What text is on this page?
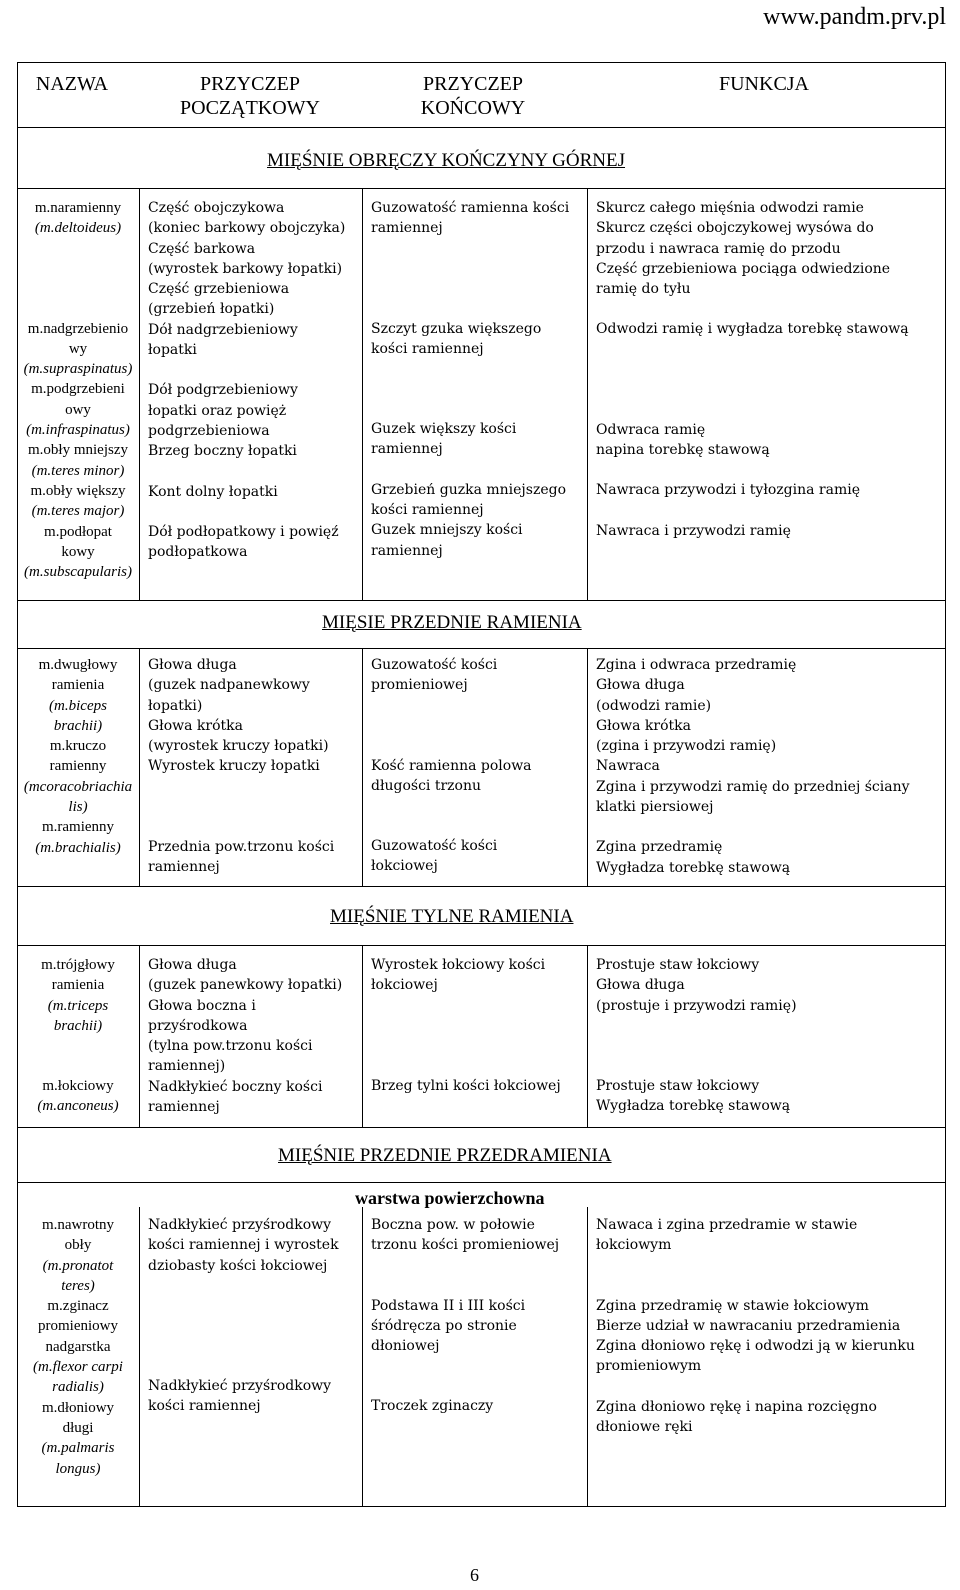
www.pandm.prv.pl
NAZWA	PRZYCZEP
POCZĄTKOWY
PRZYCZEP
KOŃCOWY
FUNKCJA
MIĘŚNIE OBRĘCZY KOŃCZYNY GÓRNEJ
m.naramienny
(m.deltoideus)
m.nadgrzebienio
wy
(m.supraspinatus)
m.podgrzebieni
owy
(m.infraspinatus)
m.obły mniejszy
(m.teres minor)
m.obły większy
(m.teres major)
m.podłopat
kowy
(m.subscapularis)
Część obojczykowa
(koniec barkowy obojczyka)
Część barkowa
(wyrostek barkowy łopatki)
Część grzebieniowa
(grzebień łopatki)
Dół nadgrzebieniowy
łopatki
Dół podgrzebieniowy
łopatki oraz powięż
podgrzebieniowa
Brzeg boczny łopatki
Kont dolny łopatki
Dół podłopatkowy i powięź
podłopatkowa
Guzowatość ramienna kości
ramiennej
Szczyt gzuka większego
kości ramiennej
Guzek większy kości
ramiennej
Grzebień guzka mniejszego
kości ramiennej
Guzek mniejszy kości
ramiennej
Skurcz całego mięśnia odwodzi ramie
Skurcz części obojczykowej wysówa do
przodu i nawraca ramię do przodu
Część grzebieniowa pociąga odwiedzione
ramię do tyłu
Odwodzi ramię i wygładza torebkę stawową
Odwraca ramię
napina torebkę stawową
Nawraca przywodzi i tyłozgina ramię
Nawraca i przywodzi ramię
MIĘSIE PRZEDNIE RAMIENIA
m.dwugłowy
ramienia
(m.biceps
brachii)
m.kruczo
ramienny
(mcoracobriachia
lis)
m.ramienny
(m.brachialis)
Głowa długa
(guzek nadpanewkowy
łopatki)
Głowa krótka
(wyrostek kruczy łopatki)
Wyrostek kruczy łopatki
Przednia pow.trzonu kości
ramiennej
Guzowatość kości
promieniowej
Kość ramienna polowa
długości trzonu
Guzowatość kości
łokciowej
Zgina i odwraca przedramię
Głowa długa
(odwodzi ramie)
Głowa krótka
(zgina i przywodzi ramię)
Nawraca
Zgina i przywodzi ramię do przedniej ściany
klatki piersiowej
Zgina przedramię
Wygładza torebkę stawową
MIĘŚNIE TYLNE RAMIENIA
m.trójgłowy
ramienia
(m.triceps
brachii)
m.łokciowy
(m.anconeus)
Głowa długa
(guzek panewkowy łopatki)
Głowa boczna i
przyśrodkowa
(tylna pow.trzonu kości
ramiennej)
Nadkłykieć boczny kości
ramiennej
Wyrostek łokciowy kości
łokciowej
Brzeg tylni kości łokciowej
Prostuje staw łokciowy
Głowa długa
(prostuje i przywodzi ramię)
Prostuje staw łokciowy
Wygładza torebkę stawową
MIĘŚNIE PRZEDNIE PRZEDRAMIENIA
warstwa powierzchowna
m.nawrotny
obły
(m.pronatot
teres)
m.zginacz
promieniowy
nadgarstka
(m.flexor carpi
radialis)
m.dłoniowy
długi
(m.palmaris
longus)
Nadkłykieć przyśrodkowy
kości ramiennej i wyrostek
dziobasty kości łokciowej
Nadkłykieć przyśrodkowy
kości ramiennej
Boczna pow. w połowie
trzonu kości promieniowej
Podstawa II i III kości
śródręcza po stronie
dłoniowej
Troczek zginaczy
Nawaca i zgina przedramie w stawie
łokciowym
Zgina przedramię w stawie łokciowym
Bierze udział w nawracaniu przedramienia
Zgina dłoniowo rękę i odwodzi ją w kierunku
promieniowym
Zgina dłoniowo rękę i napina rozcięgno
dłoniowe ręki
6
